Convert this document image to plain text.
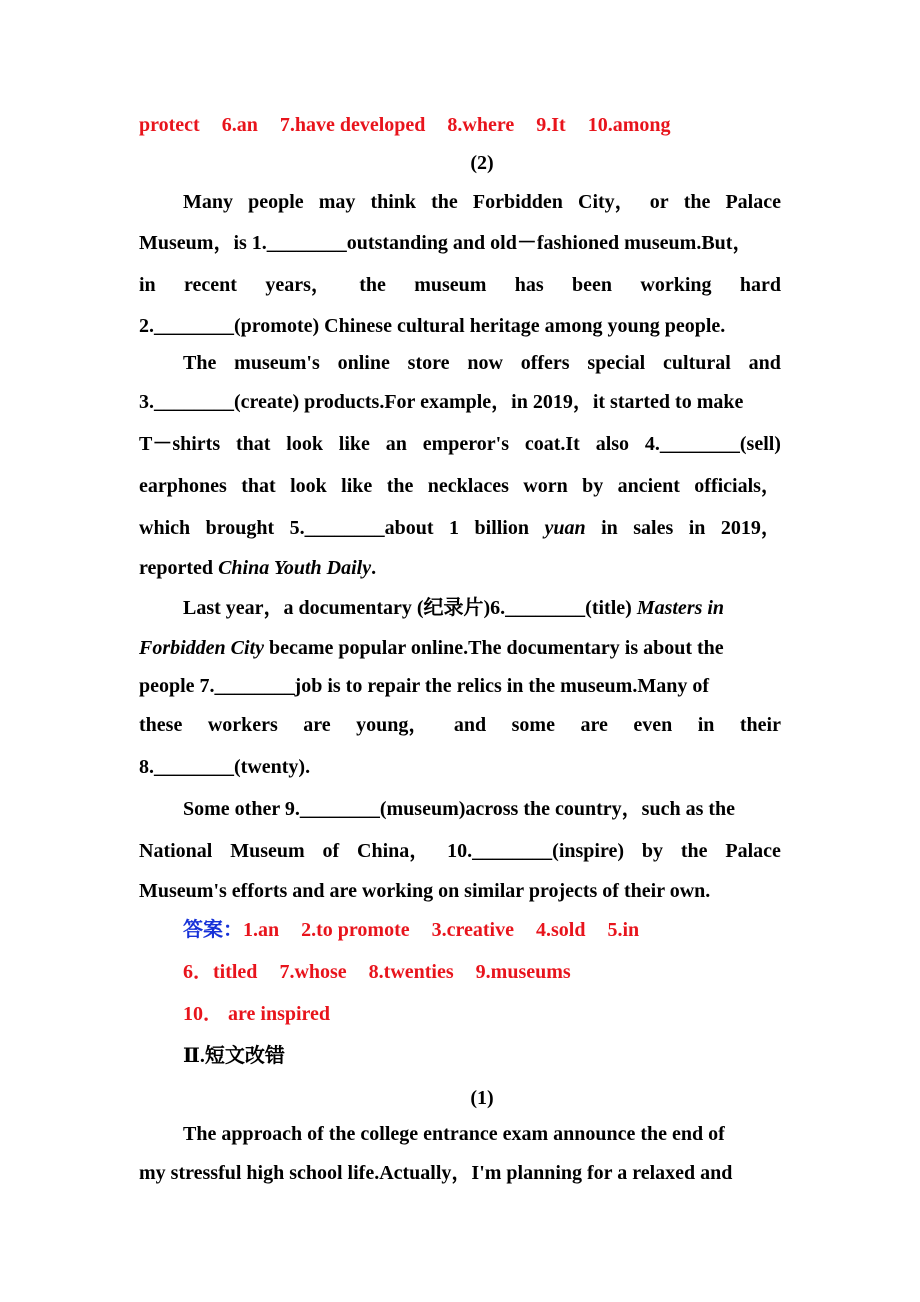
protect 6.an 7.have developed 8.where 9.It 10.among
(2)
Many people may think the Forbidden City， or the Palace
Museum，is 1.________outstanding and old－fashioned museum.But，
in recent years， the museum has been working hard
2.________(promote) Chinese cultural heritage among young people.
The museum's online store now offers special cultural and
3.________(create) products.For example，in 2019，it started to make
T－shirts that look like an emperor's coat.It also 4.________(sell)
earphones that look like the necklaces worn by ancient officials，
which brought 5.________about 1 billion yuan in sales in 2019，
reported China Youth Daily.
Last year，a documentary (纪录片)6.________(title) Masters in
Forbidden City became popular online.The documentary is about the
people 7.________job is to repair the relics in the museum.Many of
these workers are young， and some are even in their
8.________(twenty).
Some other 9.________(museum)across the country，such as the
National Museum of China， 10.________(inspire) by the Palace
Museum's efforts and are working on similar projects of their own.
答案：1.an 2.to promote 3.creative 4.sold 5.in
6．titled 7.whose 8.twenties 9.museums
10． are inspired
Ⅱ.短文改错
(1)
The approach of the college entrance exam announce the end of
my stressful high school life.Actually，I'm planning for a relaxed and
